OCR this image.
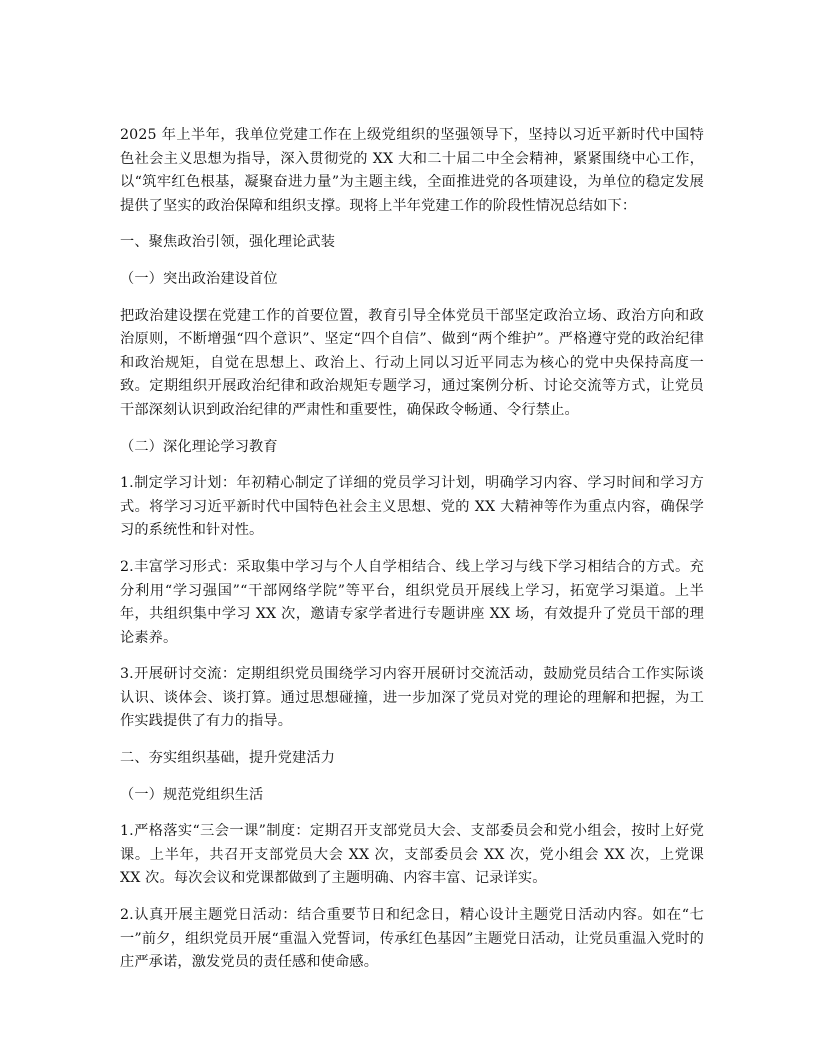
2025 年上半年，我单位党建工作在上级党组织的坚强领导下，坚持以习近平新时代中国特色社会主义思想为指导，深入贯彻党的 XX 大和二十届二中全会精神，紧紧围绕中心工作，以“筑牢红色根基，凝聚奋进力量”为主题主线，全面推进党的各项建设，为单位的稳定发展提供了坚实的政治保障和组织支撑。现将上半年党建工作的阶段性情况总结如下：

一、聚焦政治引领，强化理论武装

（一）突出政治建设首位

把政治建设摆在党建工作的首要位置，教育引导全体党员干部坚定政治立场、政治方向和政治原则，不断增强“四个意识”、坚定“四个自信”、做到“两个维护”。严格遵守党的政治纪律和政治规矩，自觉在思想上、政治上、行动上同以习近平同志为核心的党中央保持高度一致。定期组织开展政治纪律和政治规矩专题学习，通过案例分析、讨论交流等方式，让党员干部深刻认识到政治纪律的严肃性和重要性，确保政令畅通、令行禁止。

（二）深化理论学习教育

1.制定学习计划：年初精心制定了详细的党员学习计划，明确学习内容、学习时间和学习方式。将学习习近平新时代中国特色社会主义思想、党的 XX 大精神等作为重点内容，确保学习的系统性和针对性。

2.丰富学习形式：采取集中学习与个人自学相结合、线上学习与线下学习相结合的方式。充分利用“学习强国”“干部网络学院”等平台，组织党员开展线上学习，拓宽学习渠道。上半年，共组织集中学习 XX 次，邀请专家学者进行专题讲座 XX 场，有效提升了党员干部的理论素养。

3.开展研讨交流：定期组织党员围绕学习内容开展研讨交流活动，鼓励党员结合工作实际谈认识、谈体会、谈打算。通过思想碰撞，进一步加深了党员对党的理论的理解和把握，为工作实践提供了有力的指导。

二、夯实组织基础，提升党建活力

（一）规范党组织生活

1.严格落实“三会一课”制度：定期召开支部党员大会、支部委员会和党小组会，按时上好党课。上半年，共召开支部党员大会 XX 次，支部委员会 XX 次，党小组会 XX 次，上党课 XX 次。每次会议和党课都做到了主题明确、内容丰富、记录详实。

2.认真开展主题党日活动：结合重要节日和纪念日，精心设计主题党日活动内容。如在“七一”前夕，组织党员开展“重温入党誓词，传承红色基因”主题党日活动，让党员重温入党时的庄严承诺，激发党员的责任感和使命感。
